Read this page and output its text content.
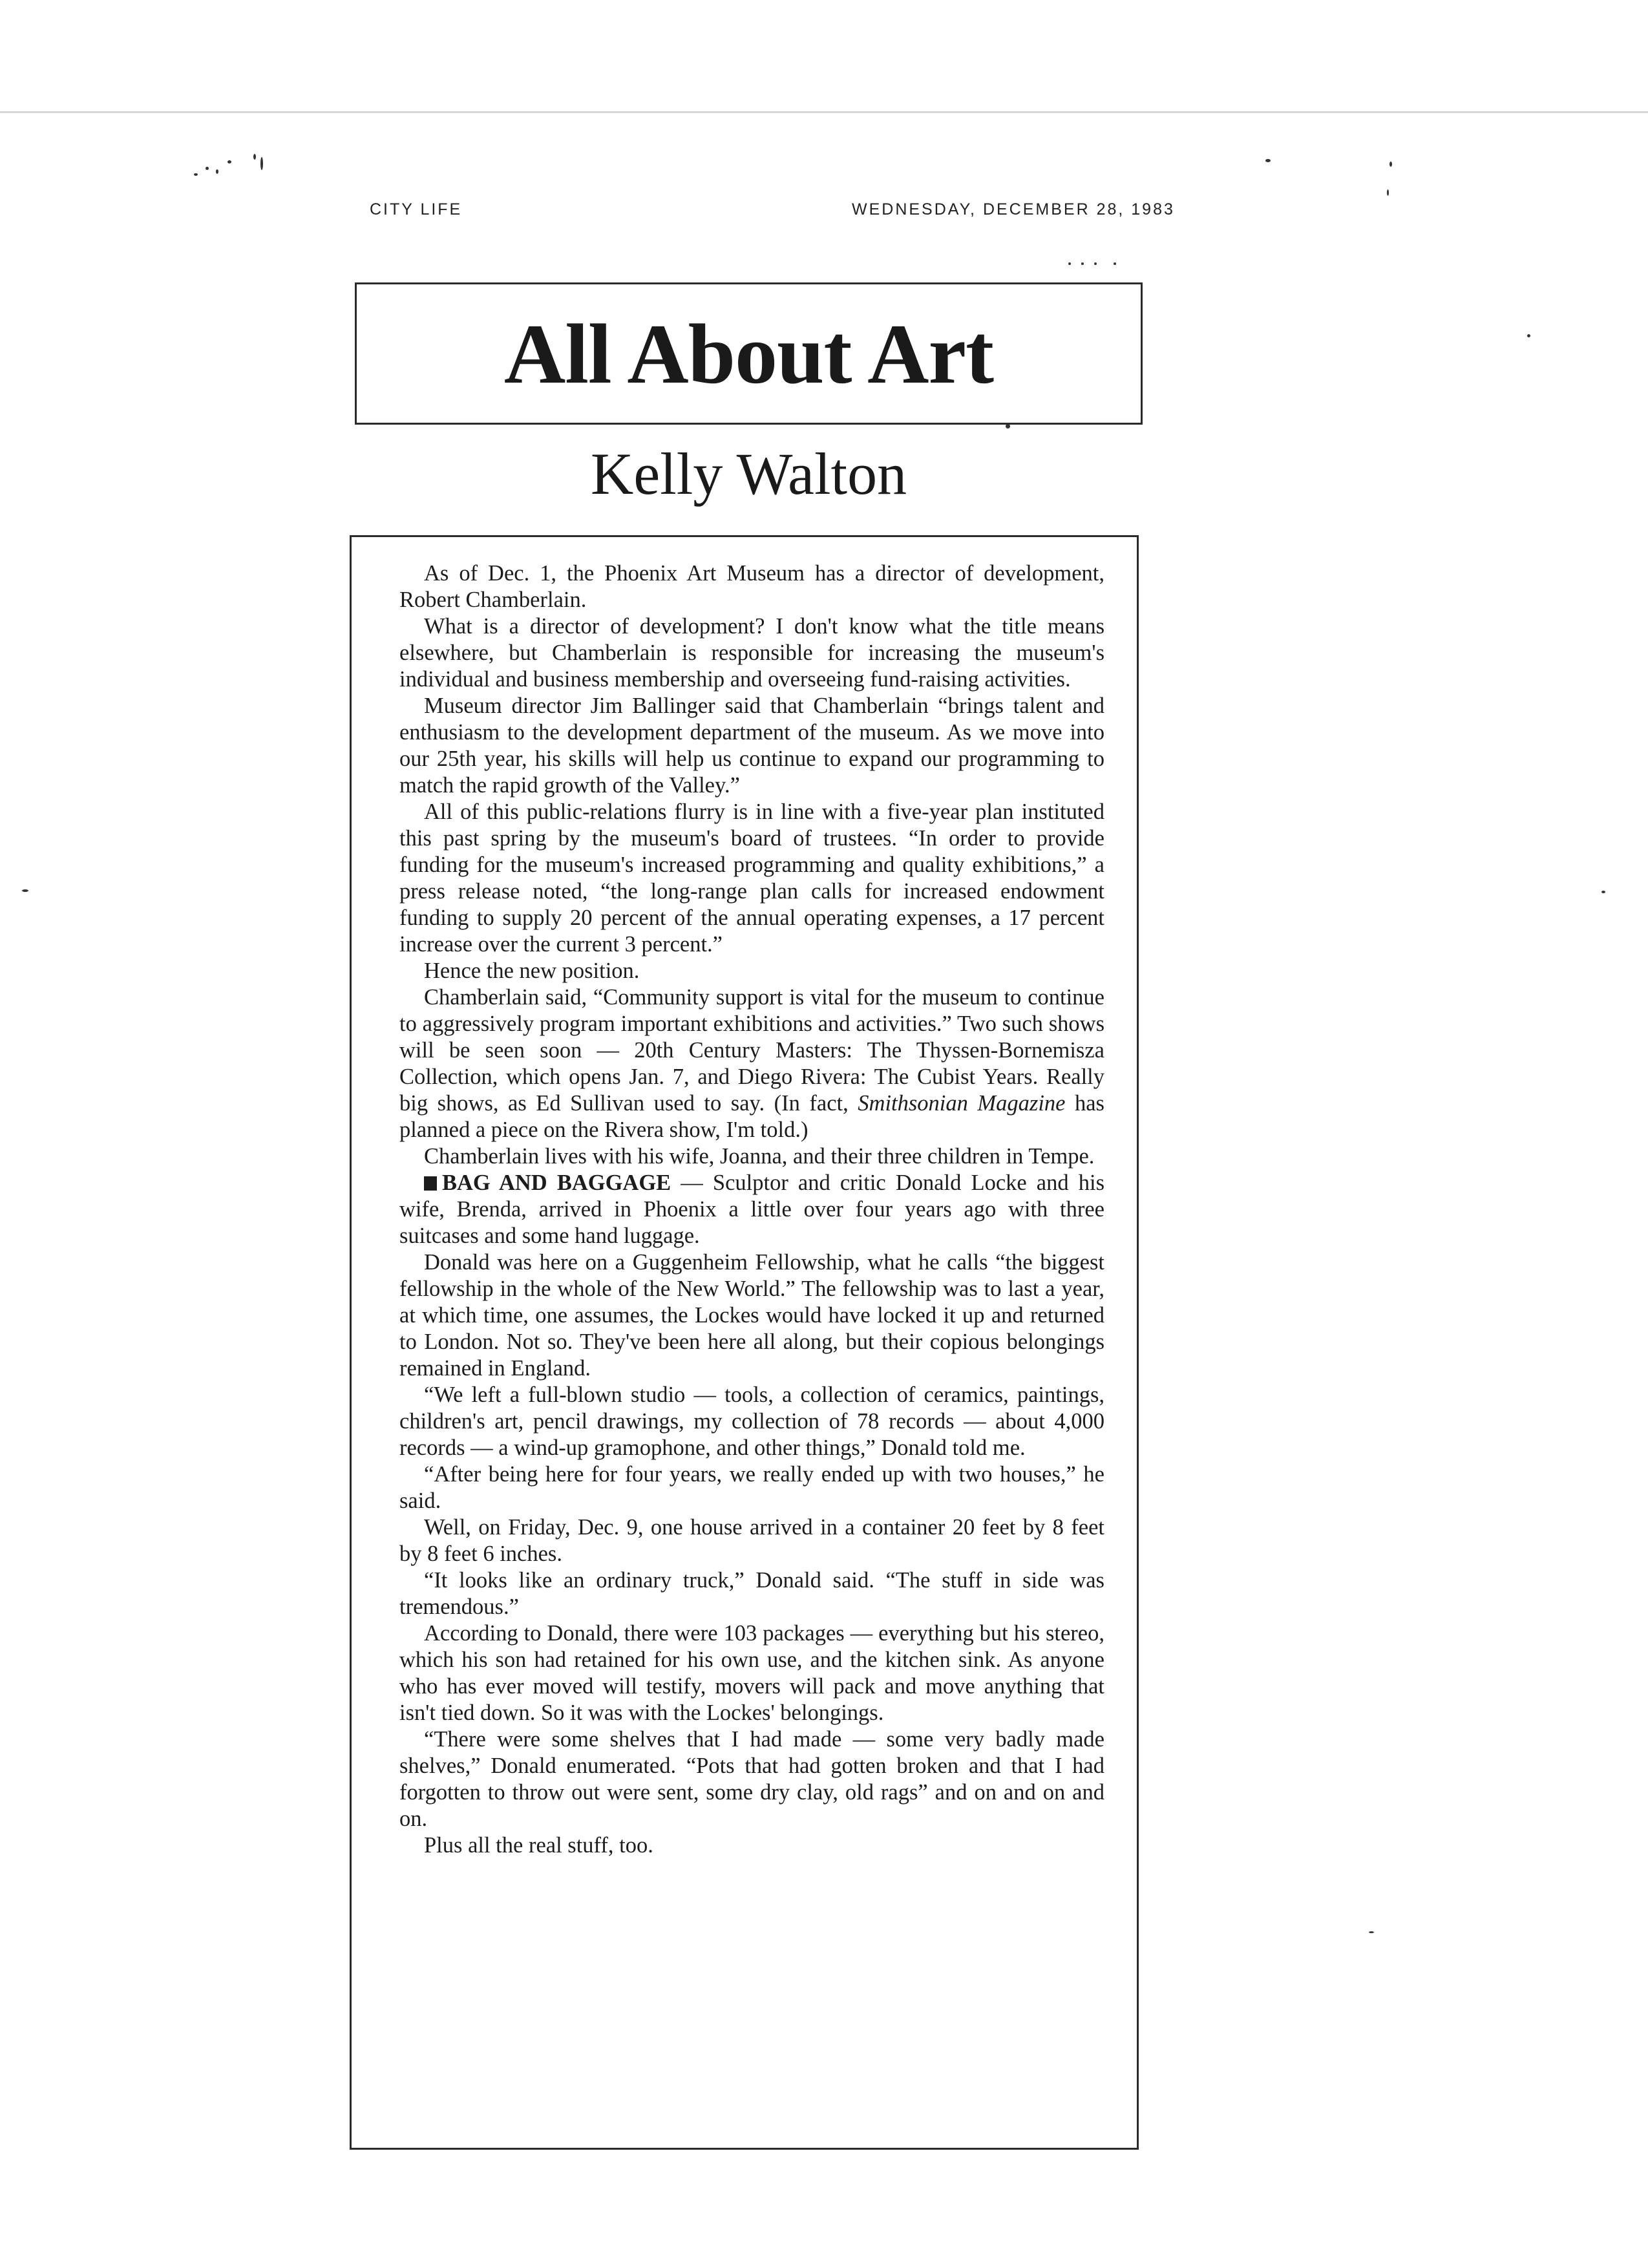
CITY LIFE	WEDNESDAY, DECEMBER 28, 1983
All About Art
Kelly Walton

As of Dec. 1, the Phoenix Art Museum has a director of development, Robert Chamberlain.

What is a director of development? I don't know what the title means elsewhere, but Chamberlain is responsible for increasing the museum's individual and business membership and overseeing fund-raising activities.

Museum director Jim Ballinger said that Chamberlain “brings talent and enthusiasm to the development department of the museum. As we move into our 25th year, his skills will help us continue to expand our programming to match the rapid growth of the Valley.”

All of this public-relations flurry is in line with a five-year plan instituted this past spring by the museum's board of trustees. “In order to provide funding for the museum's increased programming and quality exhibitions,” a press release noted, “the long-range plan calls for increased endowment funding to supply 20 percent of the annual operating expenses, a 17 percent increase over the current 3 percent.”

Hence the new position.

Chamberlain said, “Community support is vital for the museum to continue to aggressively program important exhibitions and activities.” Two such shows will be seen soon — 20th Century Masters: The Thyssen-Bornemisza Collection, which opens Jan. 7, and Diego Rivera: The Cubist Years. Really big shows, as Ed Sullivan used to say. (In fact, Smithsonian Magazine has planned a piece on the Rivera show, I'm told.)

Chamberlain lives with his wife, Joanna, and their three children in Tempe.

BAG AND BAGGAGE — Sculptor and critic Donald Locke and his wife, Brenda, arrived in Phoenix a little over four years ago with three suitcases and some hand luggage.

Donald was here on a Guggenheim Fellowship, what he calls “the biggest fellowship in the whole of the New World.” The fellowship was to last a year, at which time, one assumes, the Lockes would have locked it up and returned to London. Not so. They've been here all along, but their copious belongings remained in England.

“We left a full-blown studio — tools, a collection of ceramics, paintings, children's art, pencil drawings, my collection of 78 records — about 4,000 records — a wind-up gramophone, and other things,” Donald told me.

“After being here for four years, we really ended up with two houses,” he said.

Well, on Friday, Dec. 9, one house arrived in a container 20 feet by 8 feet by 8 feet 6 inches.

“It looks like an ordinary truck,” Donald said. “The stuff in side was tremendous.”

According to Donald, there were 103 packages — everything but his stereo, which his son had retained for his own use, and the kitchen sink. As anyone who has ever moved will testify, movers will pack and move anything that isn't tied down. So it was with the Lockes' belongings.

“There were some shelves that I had made — some very badly made shelves,” Donald enumerated. “Pots that had gotten broken and that I had forgotten to throw out were sent, some dry clay, old rags” and on and on and on.

Plus all the real stuff, too.
